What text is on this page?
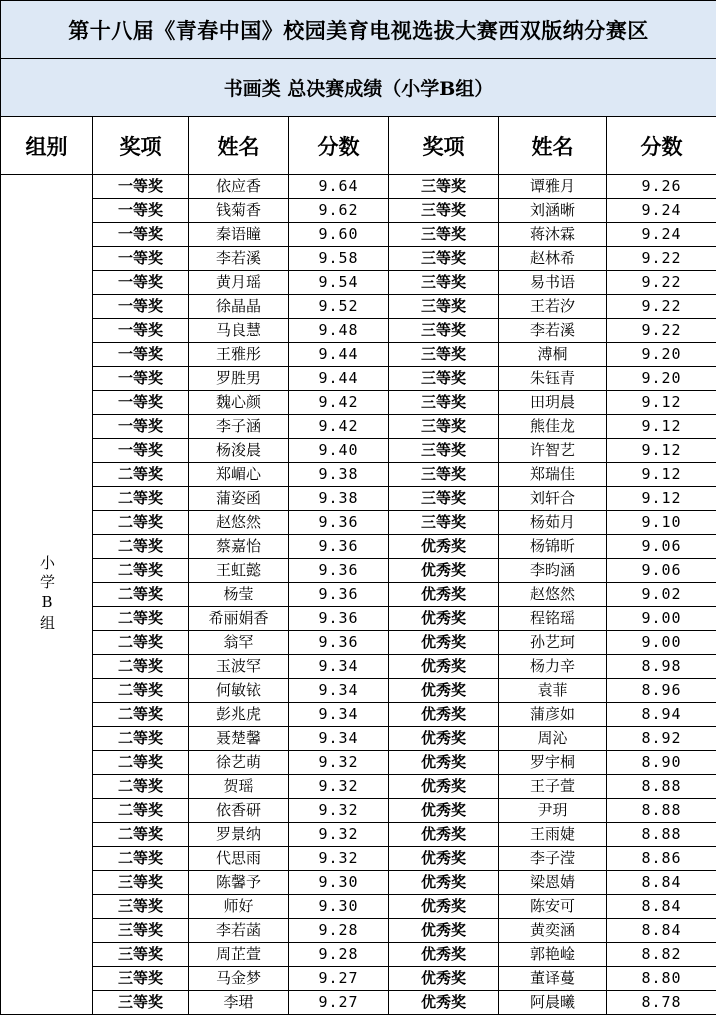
第十八届《青春中国》校园美育电视选拔大赛西双版纳分赛区						
书画类 总决赛成绩（小学B组）						
组别	奖项	姓名	分数	奖项	姓名	分数

小学B组	一等奖	依应香	9.64	三等奖	谭雅月	9.26
	一等奖	钱菊香	9.62	三等奖	刘涵晰	9.24
	一等奖	秦语瞳	9.60	三等奖	蒋沐霖	9.24
	一等奖	李若溪	9.58	三等奖	赵林希	9.22
	一等奖	黄月瑶	9.54	三等奖	易书语	9.22
	一等奖	徐晶晶	9.52	三等奖	王若汐	9.22
	一等奖	马良慧	9.48	三等奖	李若溪	9.22
	一等奖	王雅彤	9.44	三等奖	溥桐	9.20
	一等奖	罗胜男	9.44	三等奖	朱钰青	9.20
	一等奖	魏心颜	9.42	三等奖	田玥晨	9.12
	一等奖	李子涵	9.42	三等奖	熊佳龙	9.12
	一等奖	杨浚晨	9.40	三等奖	许智艺	9.12
	二等奖	郑嵋心	9.38	三等奖	郑瑞佳	9.12
	二等奖	蒲姿函	9.38	三等奖	刘轩合	9.12
	二等奖	赵悠然	9.36	三等奖	杨茹月	9.10
	二等奖	蔡嘉怡	9.36	优秀奖	杨锦昕	9.06
	二等奖	王虹懿	9.36	优秀奖	李昀涵	9.06
	二等奖	杨莹	9.36	优秀奖	赵悠然	9.02
	二等奖	希丽娟香	9.36	优秀奖	程铭瑶	9.00
	二等奖	翁罕	9.36	优秀奖	孙艺珂	9.00
	二等奖	玉波罕	9.34	优秀奖	杨力辛	8.98
	二等奖	何敏铱	9.34	优秀奖	袁菲	8.96
	二等奖	彭兆虎	9.34	优秀奖	蒲彦如	8.94
	二等奖	聂楚馨	9.34	优秀奖	周沁	8.92
	二等奖	徐艺萌	9.32	优秀奖	罗宇桐	8.90
	二等奖	贺瑶	9.32	优秀奖	王子萱	8.88
	二等奖	依香研	9.32	优秀奖	尹玥	8.88
	二等奖	罗景纳	9.32	优秀奖	王雨婕	8.88
	二等奖	代思雨	9.32	优秀奖	李子滢	8.86
	三等奖	陈馨予	9.30	优秀奖	梁恩婧	8.84
	三等奖	师好	9.30	优秀奖	陈安可	8.84
	三等奖	李若菡	9.28	优秀奖	黄奕涵	8.84
	三等奖	周芷萱	9.28	优秀奖	郭艳崯	8.82
	三等奖	马金梦	9.27	优秀奖	董译蔓	8.80
	三等奖	李珺	9.27	优秀奖	阿晨曦	8.78
